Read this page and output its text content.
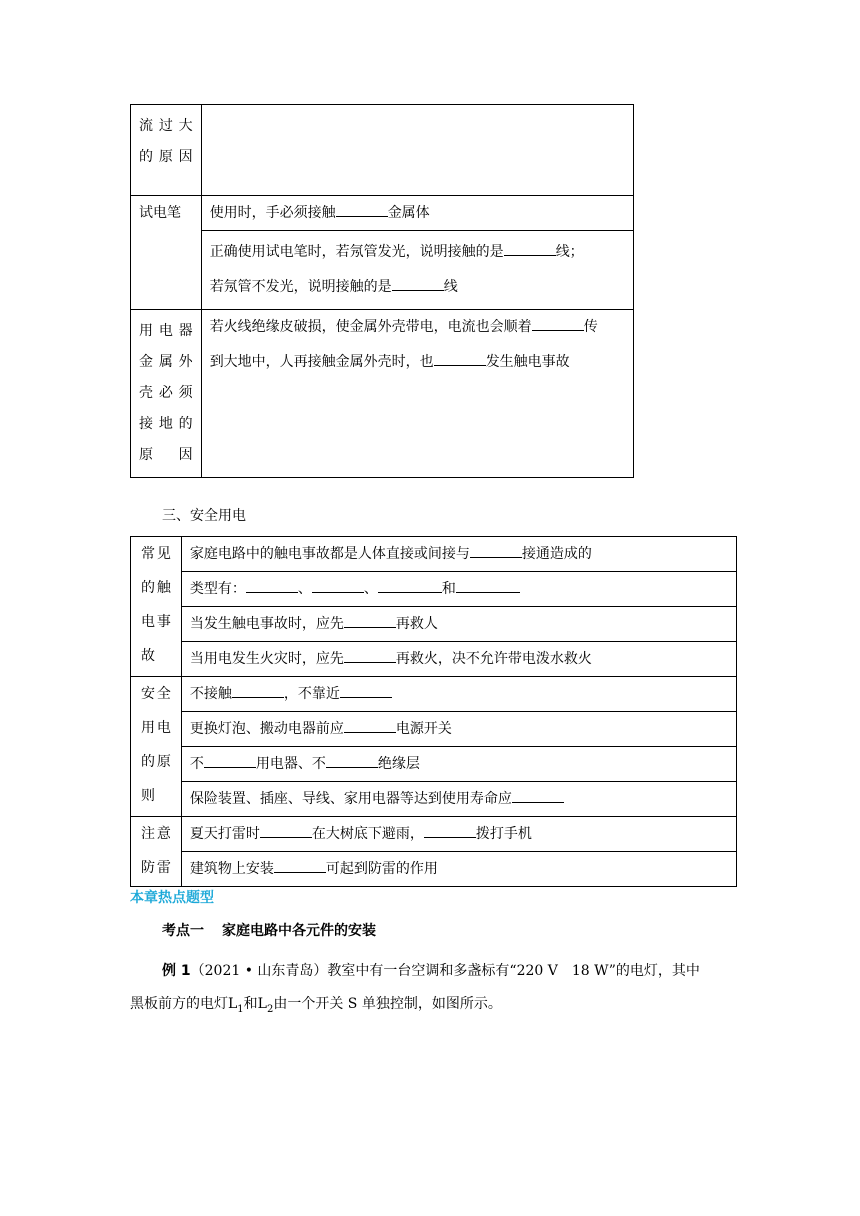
流过大的原因	

试电笔	使用时，手必须接触 金属体

	正确使用试电笔时，若氖管发光，说明接触的是 线；
若氖管不发光，说明接触的是 线

用电器金属外壳必须接地的原因	若火线绝缘皮破损，使金属外壳带电，电流也会顺着 传
到大地中，人再接触金属外壳时，也 发生触电事故
三、安全用电
常见的触电事故	家庭电路中的触电事故都是人体直接或间接与 接通造成的

	类型有： 、 、 和

	当发生触电事故时，应先 再救人

	当用电发生火灾时，应先 再救火，决不允许带电泼水救火

安全用电的原则	不接触 ，不靠近

	更换灯泡、搬动电器前应 电源开关

	不 用电器、不 绝缘层

	保险装置、插座、导线、家用电器等达到使用寿命应

注意防雷	夏天打雷时 在大树底下避雨， 拨打手机

	建筑物上安装 可起到防雷的作用
本章热点题型
考点一 家庭电路中各元件的安装
例 1（2021 • 山东青岛）教室中有一台空调和多盏标有“220 V　18 W”的电灯，其中
黑板前方的电灯$L_1$和$L_2$由一个开关 S 单独控制，如图所示。
